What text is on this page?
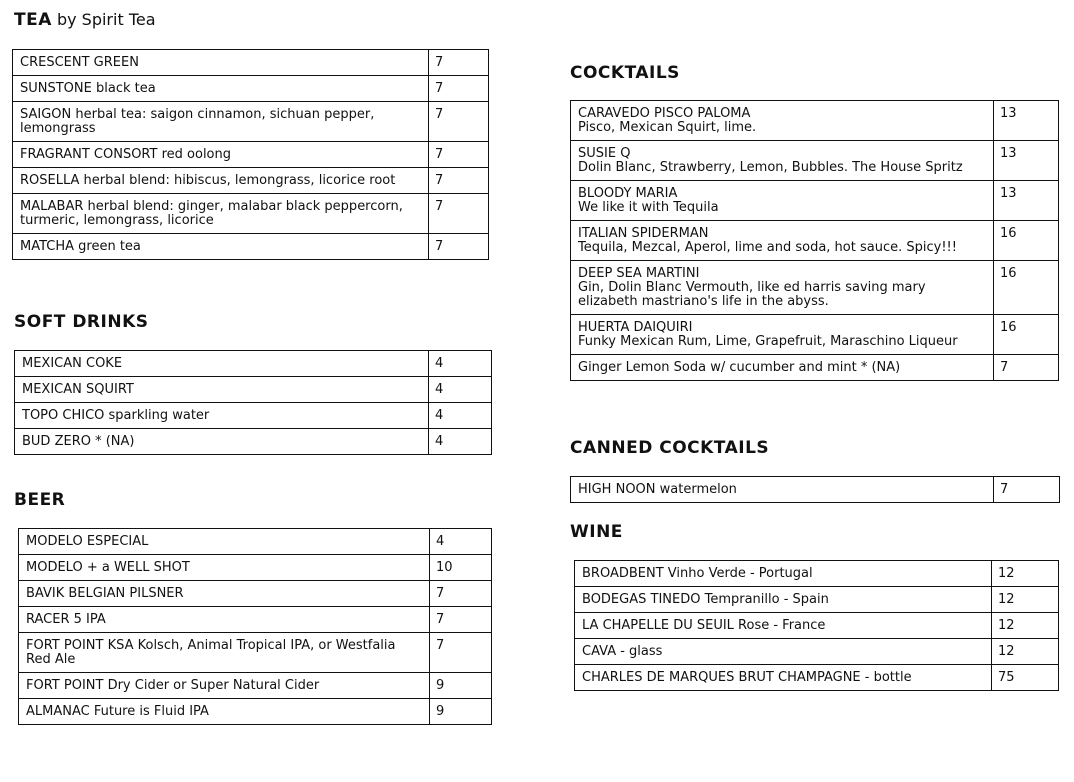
TEA by Spirit Tea
CRESCENT GREEN	7
SUNSTONE black tea	7
SAIGON herbal tea: saigon cinnamon, sichuan pepper, lemongrass	7
FRAGRANT CONSORT red oolong	7
ROSELLA herbal blend: hibiscus, lemongrass, licorice root	7
MALABAR herbal blend: ginger, malabar black peppercorn, turmeric, lemongrass, licorice	7
MATCHA green tea	7
SOFT DRINKS
MEXICAN COKE	4
MEXICAN SQUIRT	4
TOPO CHICO sparkling water	4
BUD ZERO * (NA)	4
BEER
MODELO ESPECIAL	4
MODELO + a WELL SHOT	10
BAVIK BELGIAN PILSNER	7
RACER 5 IPA	7
FORT POINT KSA Kolsch, Animal Tropical IPA, or Westfalia Red Ale	7
FORT POINT Dry Cider or Super Natural Cider	9
ALMANAC Future is Fluid IPA	9
COCKTAILS
CARAVEDO PISCO PALOMA
Pisco, Mexican Squirt, lime.	13
SUSIE Q
Dolin Blanc, Strawberry, Lemon, Bubbles. The House Spritz	13
BLOODY MARIA
We like it with Tequila	13
ITALIAN SPIDERMAN
Tequila, Mezcal, Aperol, lime and soda, hot sauce. Spicy!!!	16
DEEP SEA MARTINI
Gin, Dolin Blanc Vermouth, like ed harris saving mary elizabeth mastriano's life in the abyss.	16
HUERTA DAIQUIRI
Funky Mexican Rum, Lime, Grapefruit, Maraschino Liqueur	16
Ginger Lemon Soda w/ cucumber and mint * (NA)	7
CANNED COCKTAILS
HIGH NOON watermelon	7
WINE
BROADBENT Vinho Verde - Portugal	12
BODEGAS TINEDO Tempranillo - Spain	12
LA CHAPELLE DU SEUIL Rose - France	12
CAVA - glass	12
CHARLES DE MARQUES BRUT CHAMPAGNE - bottle	75
